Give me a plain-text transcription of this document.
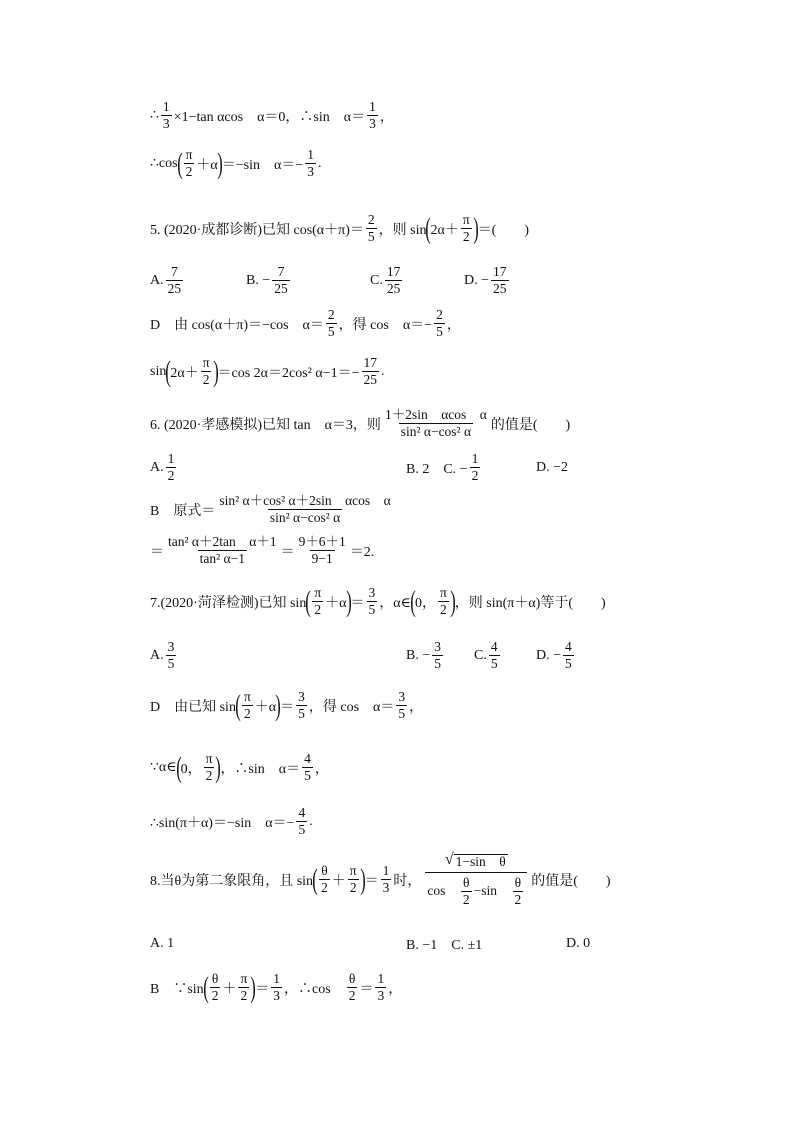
∴ $\frac{1}{3} \times 1-\tan$ αcos　α＝0，∴sin　$\alpha= \frac{1}{3}$ ，
∴cos ( $\frac{\pi}{2} +\alpha$ ) ＝−sin　$\alpha=- \frac{1}{3}$ .
5. (2020·成都诊断)已知 $\cos(\alpha+\pi)= \frac{2}{5}$ ，则 sin ( $2\alpha+ \frac{\pi}{2}$ ) ＝(　　)
A. $\frac{7}{25}$	B. − $\frac{7}{25}$	C. $\frac{17}{25}$	D. − $\frac{17}{25}$
D　由 cos(α＋π)＝−cos　$\alpha= \frac{2}{5}$ ，得 cos　$\alpha=- \frac{2}{5}$ ，
sin ( $2\alpha+ \frac{\pi}{2}$ ) ＝cos 2α＝2cos² $\alpha-1=- \frac{17}{25}$ .
6. (2020·孝感模拟)已知 tan　α＝3，则 $\frac{\text{1＋2sin　αcos　α}}{\text{sin² α−cos² α}}$ 的值是(　　)
A. $\frac{1}{2}$	B. 2　C. − $\frac{1}{2}$	D. −2
B　原式＝ $\frac{\text{sin² α＋cos² α＋2sin　αcos　α}}{\text{sin² α−cos² α}}$
＝ $\frac{\text{tan² α＋2tan　α＋1}}{\text{tan² α−1}} = \frac{9+6+1}{9-1} =2$.
7.(2020·菏泽检测)已知 sin ( $\frac{\pi}{2} +\alpha$ ) ＝ $\frac{3}{5}$ ，α∈ ( 0， $\frac{\pi}{2}$ ) ，则 sin(π＋α)等于(　　)
A. $\frac{3}{5}$	B. − $\frac{3}{5} C$. $\frac{4}{5}$	D. − $\frac{4}{5}$
D　由已知 sin ( $\frac{\pi}{2} +\alpha$ ) ＝ $\frac{3}{5}$ ，得 cos　$\alpha= \frac{3}{5}$ ，
∵α∈ ( 0， $\frac{\pi}{2}$ ) ，∴sin　$\alpha= \frac{4}{5}$ ，
∴sin(π＋α)＝−sin　$\alpha=- \frac{4}{5}$ .
8.当θ为第二象限角，且 sin ( $\frac{\theta}{2} + \frac{\pi}{2}$ ) ＝ $\frac{1}{3}$ 时， $\frac{\text{√ 1−sin　θ}}{\cos \frac{\theta}{2} -\sin \frac{\theta}{2}}$ 的值是(　　)
A. 1	B. −1　C. ±1	D. 0
B　∵sin ( $\frac{\theta}{2} + \frac{\pi}{2}$ ) ＝ $\frac{1}{3}$ ，∴cos　 $\frac{\theta}{2} = \frac{1}{3}$ ，
